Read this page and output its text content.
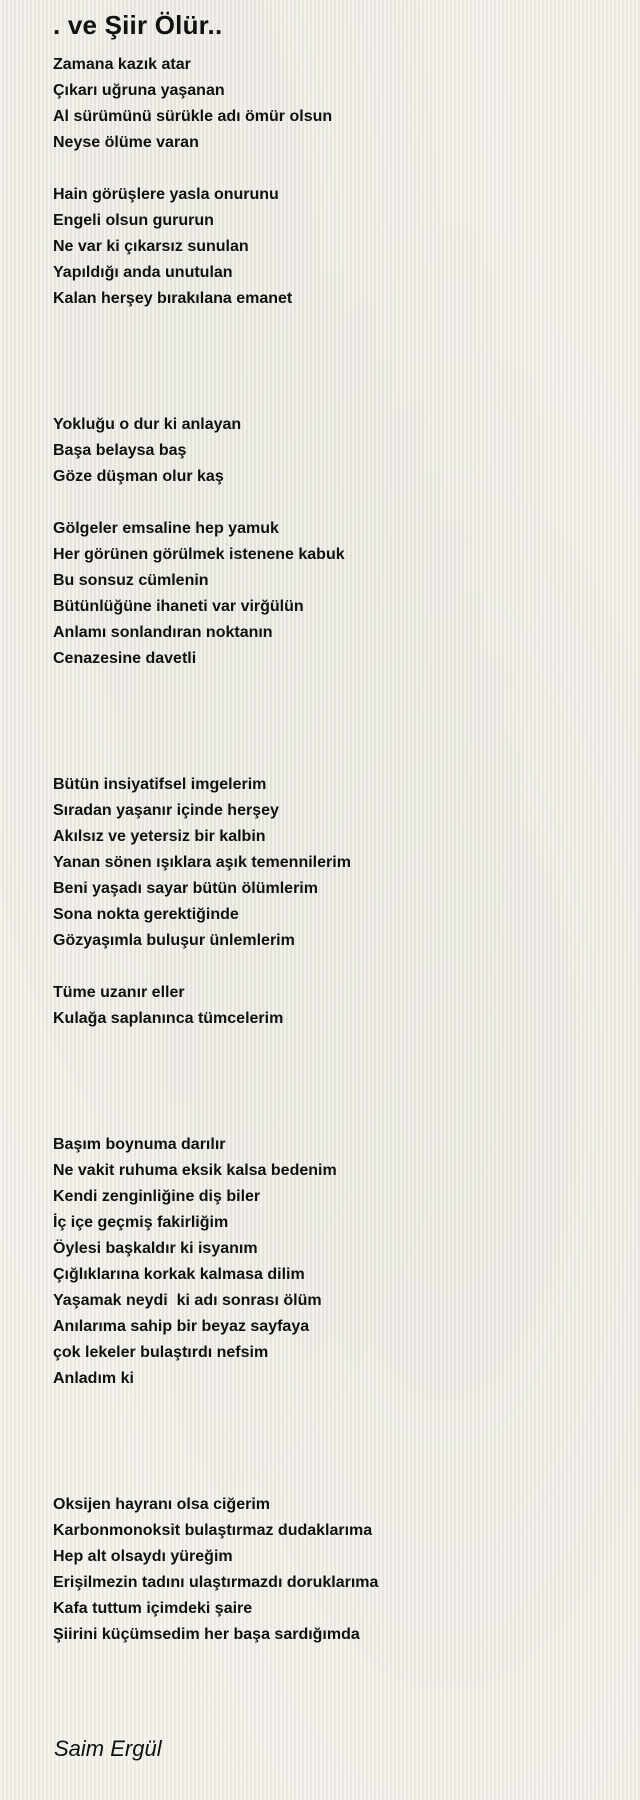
. ve Şiir Ölür..
Zamana kazık atar
Çıkarı uğruna yaşanan
Al sürümünü sürükle adı ömür olsun
Neyse ölüme varan
Hain görüşlere yasla onurunu
Engeli olsun gururun
Ne var ki çıkarsız sunulan
Yapıldığı anda unutulan
Kalan herşey bırakılana emanet
Yokluğu o dur ki anlayan
Başa belaysa baş
Göze düşman olur kaş
Gölgeler emsaline hep yamuk
Her görünen görülmek istenene kabuk
Bu sonsuz cümlenin
Bütünlüğüne ihaneti var virğülün
Anlamı sonlandıran noktanın
Cenazesine davetli
Bütün insiyatifsel imgelerim
Sıradan yaşanır içinde herşey
Akılsız ve yetersiz bir kalbin
Yanan sönen ışıklara aşık temennilerim
Beni yaşadı sayar bütün ölümlerim
Sona nokta gerektiğinde
Gözyaşımla buluşur ünlemlerim
Tüme uzanır eller
Kulağa saplanınca tümcelerim
Başım boynuma darılır
Ne vakit ruhuma eksik kalsa bedenim
Kendi zenginliğine diş biler
İç içe geçmiş fakirliğim
Öylesi başkaldır ki isyanım
Çığlıklarına korkak kalmasa dilim
Yaşamak neydi  ki adı sonrası ölüm
Anılarıma sahip bir beyaz sayfaya
çok lekeler bulaştırdı nefsim
Anladım ki
Oksijen hayranı olsa ciğerim
Karbonmonoksit bulaştırmaz dudaklarıma
Hep alt olsaydı yüreğim
Erişilmezin tadını ulaştırmazdı doruklarıma
Kafa tuttum içimdeki şaire
Şiirini küçümsedim her başa sardığımda

Saim Ergül
